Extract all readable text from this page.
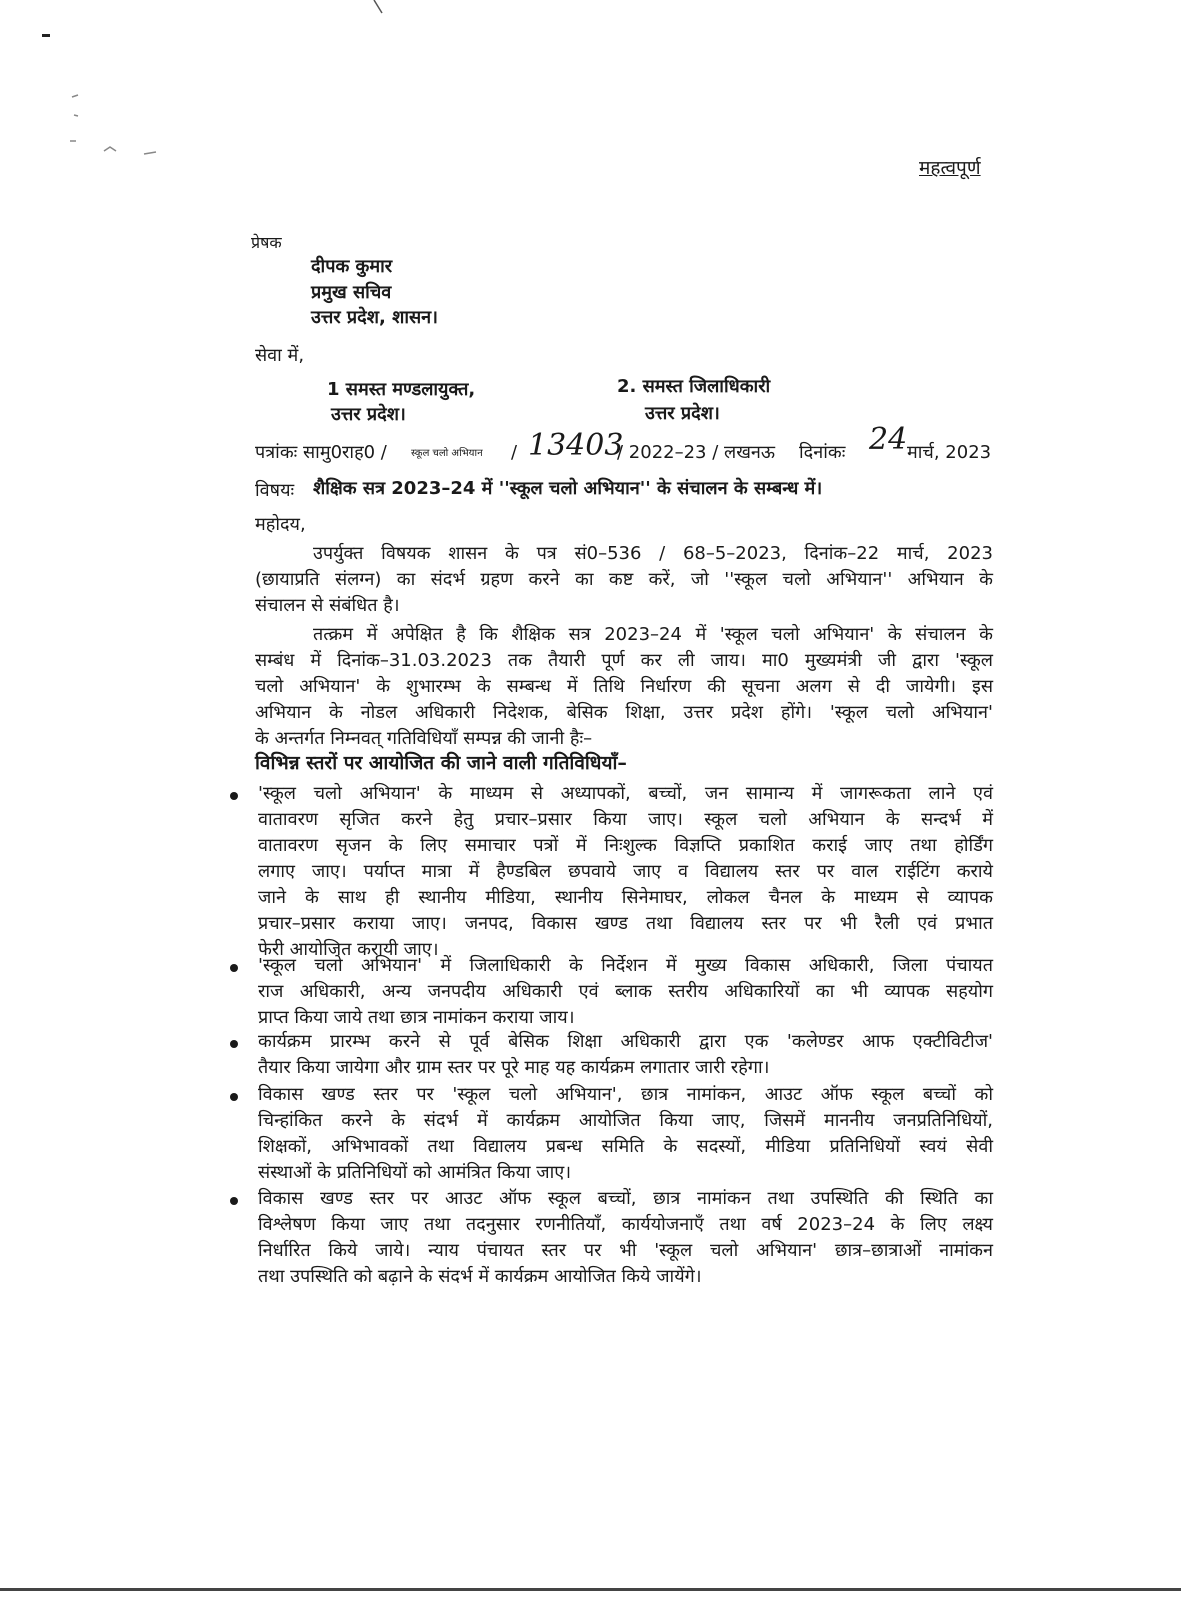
महत्वपूर्ण
प्रेषक
दीपक कुमार
प्रमुख सचिव
उत्तर प्रदेश, शासन।
सेवा में,
1 समस्त मण्डलायुक्त,
उत्तर प्रदेश।
2. समस्त जिलाधिकारी
उत्तर प्रदेश।
पत्रांकः सामु0राह0 / स्कूल चलो अभियान / 13403
/ 2022–23 / लखनऊ दिनांकः 24 मार्च, 2023
विषयः शैक्षिक सत्र 2023–24 में ''स्कूल चलो अभियान'' के संचालन के सम्बन्ध में।
महोदय,
उपर्युक्त विषयक शासन के पत्र सं0–536 / 68–5–2023, दिनांक–22 मार्च, 2023
(छायाप्रति संलग्न) का संदर्भ ग्रहण करने का कष्ट करें, जो ''स्कूल चलो अभियान'' अभियान के
संचालन से संबंधित है।
तत्क्रम में अपेक्षित है कि शैक्षिक सत्र 2023–24 में 'स्कूल चलो अभियान' के संचालन के
सम्बंध में दिनांक–31.03.2023 तक तैयारी पूर्ण कर ली जाय। मा0 मुख्यमंत्री जी द्वारा 'स्कूल
चलो अभियान' के शुभारम्भ के सम्बन्ध में तिथि निर्धारण की सूचना अलग से दी जायेगी। इस
अभियान के नोडल अधिकारी निदेशक, बेसिक शिक्षा, उत्तर प्रदेश होंगे। 'स्कूल चलो अभियान'
के अन्तर्गत निम्नवत् गतिविधियाँ सम्पन्न की जानी हैः–
विभिन्न स्तरों पर आयोजित की जाने वाली गतिविधियाँ–
'स्कूल चलो अभियान' के माध्यम से अध्यापकों, बच्चों, जन सामान्य में जागरूकता लाने एवं
वातावरण सृजित करने हेतु प्रचार–प्रसार किया जाए। स्कूल चलो अभियान के सन्दर्भ में
वातावरण सृजन के लिए समाचार पत्रों में निःशुल्क विज्ञप्ति प्रकाशित कराई जाए तथा होर्डिंग
लगाए जाए। पर्याप्त मात्रा में हैण्डबिल छपवाये जाए व विद्यालय स्तर पर वाल राईटिंग कराये
जाने के साथ ही स्थानीय मीडिया, स्थानीय सिनेमाघर, लोकल चैनल के माध्यम से व्यापक
प्रचार–प्रसार कराया जाए। जनपद, विकास खण्ड तथा विद्यालय स्तर पर भी रैली एवं प्रभात
फेरी आयोजित करायी जाए।
'स्कूल चलो अभियान' में जिलाधिकारी के निर्देशन में मुख्य विकास अधिकारी, जिला पंचायत
राज अधिकारी, अन्य जनपदीय अधिकारी एवं ब्लाक स्तरीय अधिकारियों का भी व्यापक सहयोग
प्राप्त किया जाये तथा छात्र नामांकन कराया जाय।
कार्यक्रम प्रारम्भ करने से पूर्व बेसिक शिक्षा अधिकारी द्वारा एक 'कलेण्डर आफ एक्टीविटीज'
तैयार किया जायेगा और ग्राम स्तर पर पूरे माह यह कार्यक्रम लगातार जारी रहेगा।
विकास खण्ड स्तर पर 'स्कूल चलो अभियान', छात्र नामांकन, आउट ऑफ स्कूल बच्चों को
चिन्हांकित करने के संदर्भ में कार्यक्रम आयोजित किया जाए, जिसमें माननीय जनप्रतिनिधियों,
शिक्षकों, अभिभावकों तथा विद्यालय प्रबन्ध समिति के सदस्यों, मीडिया प्रतिनिधियों स्वयं सेवी
संस्थाओं के प्रतिनिधियों को आमंत्रित किया जाए।
विकास खण्ड स्तर पर आउट ऑफ स्कूल बच्चों, छात्र नामांकन तथा उपस्थिति की स्थिति का
विश्लेषण किया जाए तथा तदनुसार रणनीतियाँ, कार्ययोजनाएँ तथा वर्ष 2023–24 के लिए लक्ष्य
निर्धारित किये जाये। न्याय पंचायत स्तर पर भी 'स्कूल चलो अभियान' छात्र–छात्राओं नामांकन
तथा उपस्थिति को बढ़ाने के संदर्भ में कार्यक्रम आयोजित किये जायेंगे।
